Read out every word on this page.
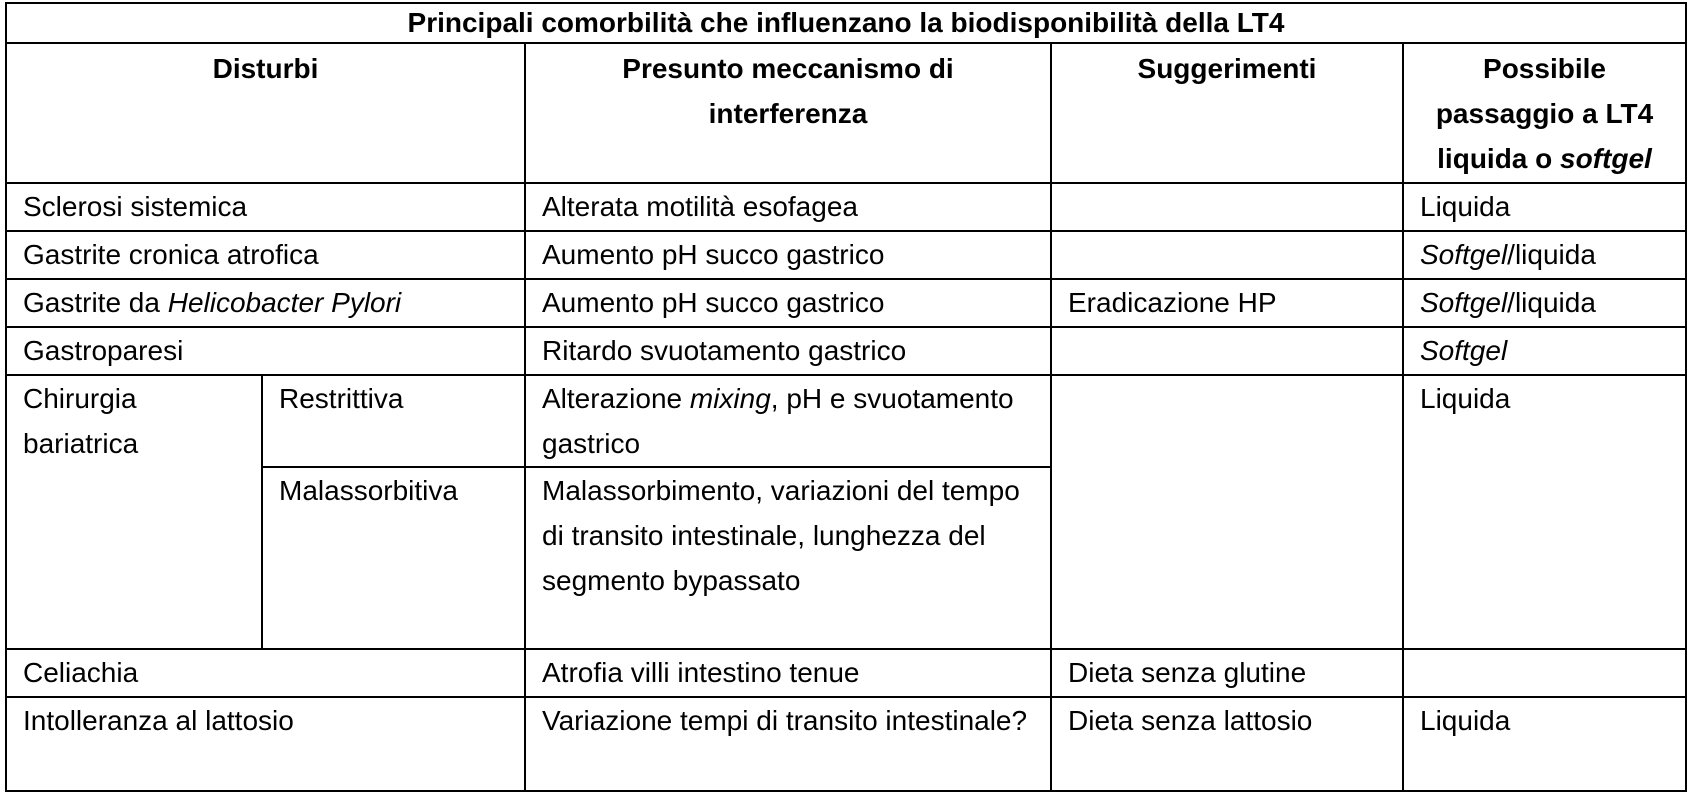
Principali comorbilità che influenzano la biodisponibilità della LT4				
Disturbi		Presunto meccanismo di interferenza	Suggerimenti	Possibile passaggio a LT4 liquida o softgel
Sclerosi sistemica		Alterata motilità esofagea		Liquida
Gastrite cronica atrofica		Aumento pH succo gastrico		Softgel/liquida
Gastrite da Helicobacter Pylori		Aumento pH succo gastrico	Eradicazione HP	Softgel/liquida
Gastroparesi		Ritardo svuotamento gastrico		Softgel
Chirurgia bariatrica	Restrittiva	Alterazione mixing, pH e svuotamento gastrico		Liquida
	Malassorbitiva	Malassorbimento, variazioni del tempo di transito intestinale, lunghezza del segmento bypassato		
Celiachia		Atrofia villi intestino tenue	Dieta senza glutine	
Intolleranza al lattosio		Variazione tempi di transito intestinale?	Dieta senza lattosio	Liquida
